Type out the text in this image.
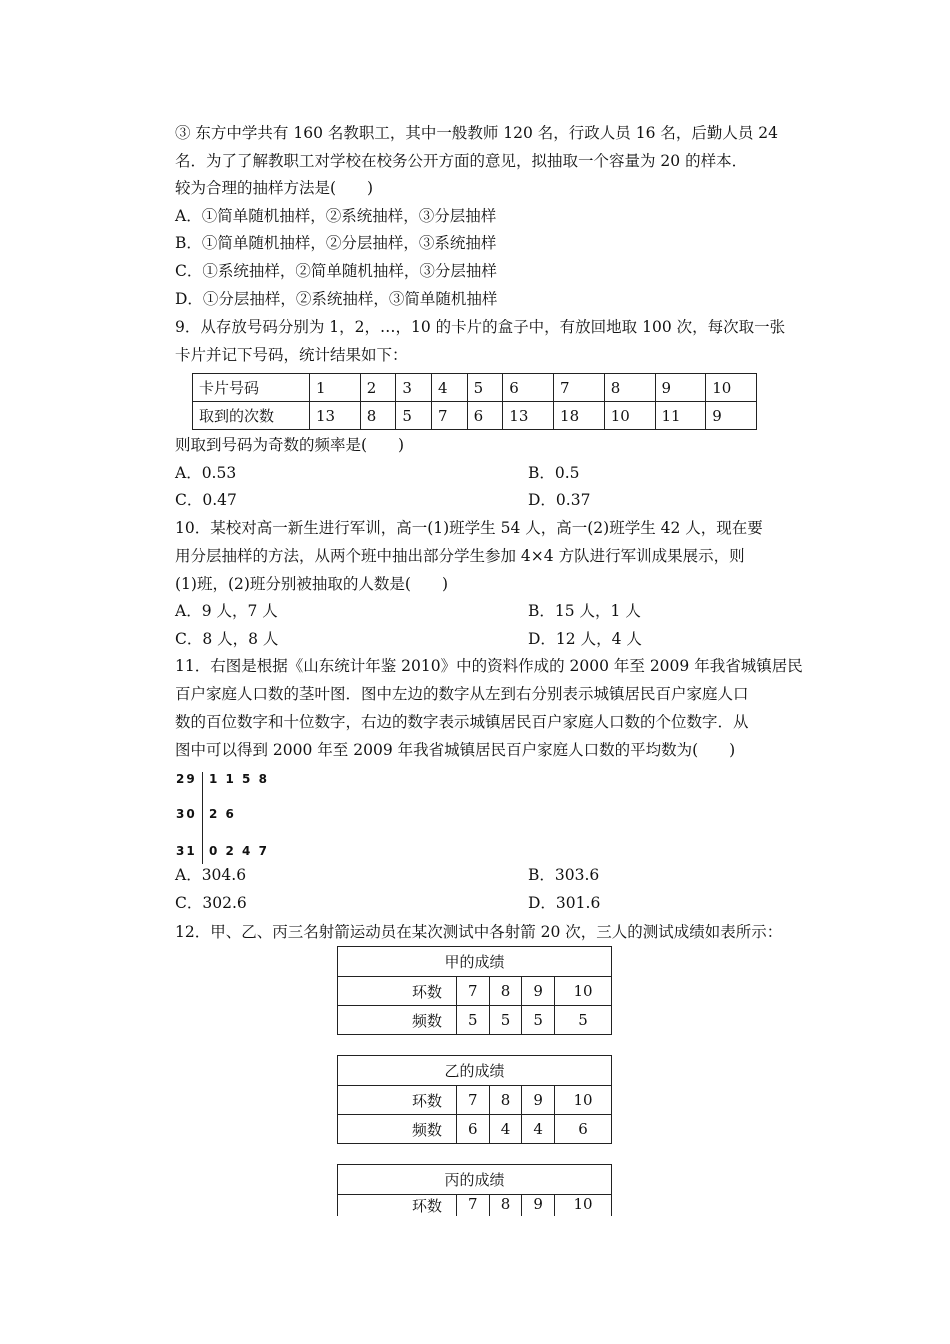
③ 东方中学共有 160 名教职工，其中一般教师 120 名，行政人员 16 名，后勤人员 24
名．为了了解教职工对学校在校务公开方面的意见，拟抽取一个容量为 20 的样本．
较为合理的抽样方法是(　　)
A．①简单随机抽样，②系统抽样，③分层抽样
B．①简单随机抽样，②分层抽样，③系统抽样
C．①系统抽样，②简单随机抽样，③分层抽样
D．①分层抽样，②系统抽样，③简单随机抽样
9．从存放号码分别为 1，2，…，10 的卡片的盒子中，有放回地取 100 次，每次取一张
卡片并记下号码，统计结果如下：
卡片号码	1	2	3	4	5	6	7	8	9	10
取到的次数	13	8	5	7	6	13	18	10	11	9
则取到号码为奇数的频率是(　　)
A．0.53	B．0.5
C．0.47	D．0.37
10．某校对高一新生进行军训，高一(1)班学生 54 人，高一(2)班学生 42 人，现在要
用分层抽样的方法，从两个班中抽出部分学生参加 4×4 方队进行军训成果展示，则
(1)班，(2)班分别被抽取的人数是(　　)
A．9 人，7 人	B．15 人，1 人
C．8 人，8 人	D．12 人，4 人
11．右图是根据《山东统计年鉴 2010》中的资料作成的 2000 年至 2009 年我省城镇居民
百户家庭人口数的茎叶图．图中左边的数字从左到右分别表示城镇居民百户家庭人口
数的百位数字和十位数字，右边的数字表示城镇居民百户家庭人口数的个位数字．从
图中可以得到 2000 年至 2009 年我省城镇居民百户家庭人口数的平均数为(　　)
29 1 1 5 8
30 2 6
31 0 2 4 7
A．304.6	B．303.6
C．302.6	D．301.6
12．甲、乙、丙三名射箭运动员在某次测试中各射箭 20 次，三人的测试成绩如表所示：
甲的成绩				
环数	7	8	9	10
频数	5	5	5	5
乙的成绩				
环数	7	8	9	10
频数	6	4	4	6
丙的成绩
环数	7	8	9	10
